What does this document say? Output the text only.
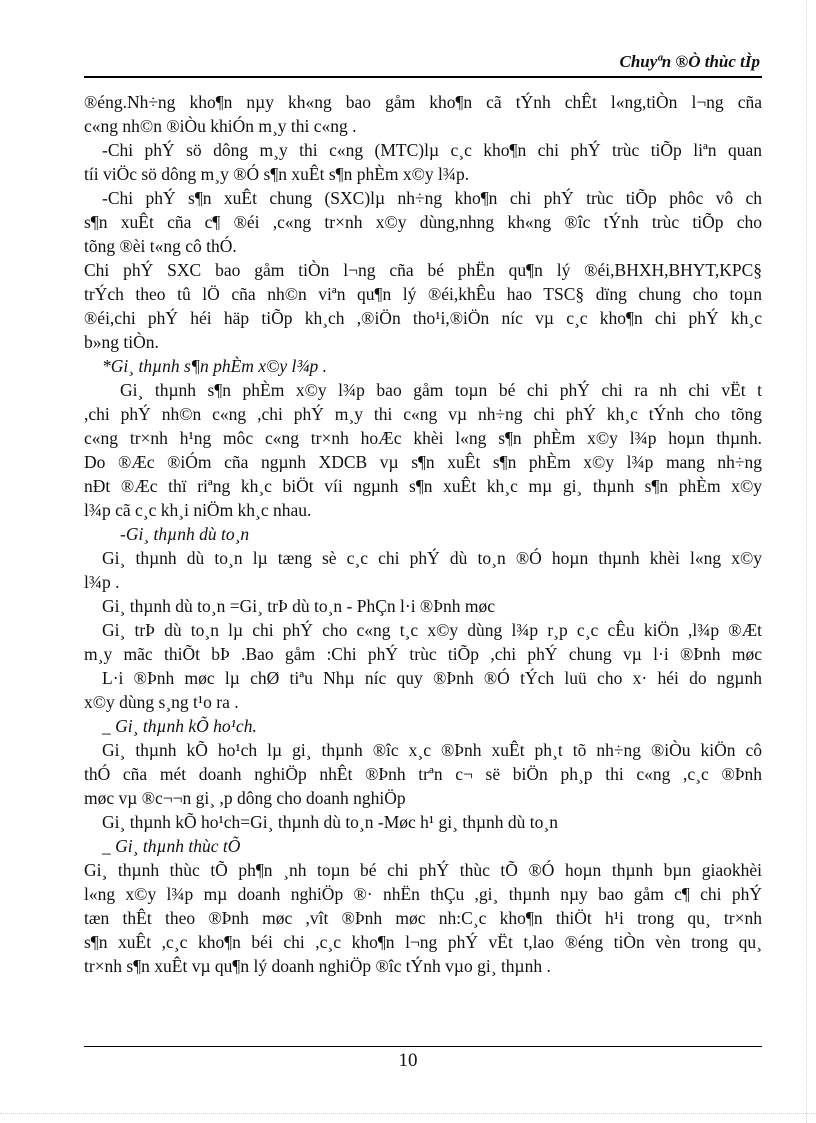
Chuyªn ®Ò thùc tÌp

®éng.Nh÷ng kho¶n nµy kh«ng bao gåm kho¶n cã tÝnh chÊt l«ng,tiÒn l¬ng cña

c«ng nh©n ®iÒu khiÓn m¸y thi c«ng .

-Chi phÝ sö dông m¸y thi c«ng (MTC)lµ c¸c kho¶n chi phÝ trùc tiÕp liªn quan

tíi viÖc sö dông m¸y ®Ó s¶n xuÊt s¶n phÈm x©y l¾p.

-Chi phÝ s¶n xuÊt chung (SXC)lµ nh÷ng kho¶n chi phÝ trùc tiÕp phôc vô ch

s¶n xuÊt cña c¶ ®éi ,c«ng tr×nh x©y dùng,nhng kh«ng ®îc tÝnh trùc tiÕp cho

tõng ®èi t«ng cô thÓ.

Chi phÝ SXC bao gåm tiÒn l¬ng cña bé phËn qu¶n lý ®éi,BHXH,BHYT,KPC§

trÝch theo tû lÖ cña nh©n viªn qu¶n lý ®éi,khÊu hao TSC§ dïng chung cho toµn

®éi,chi phÝ héi häp tiÕp kh¸ch ,®iÖn tho¹i,®iÖn níc vµ c¸c kho¶n chi phÝ kh¸c

b»ng tiÒn.

*Gi¸ thµnh s¶n phÈm x©y l¾p .

Gi¸ thµnh s¶n phÈm x©y l¾p bao gåm toµn bé chi phÝ chi ra nh chi vËt t

,chi phÝ nh©n c«ng ,chi phÝ m¸y thi c«ng vµ nh÷ng chi phÝ kh¸c tÝnh cho tõng

c«ng tr×nh h¹ng môc c«ng tr×nh hoÆc khèi l«ng s¶n phÈm x©y l¾p hoµn thµnh.

Do ®Æc ®iÓm cña ngµnh XDCB vµ s¶n xuÊt s¶n phÈm x©y l¾p mang nh÷ng

nÐt ®Æc thï riªng kh¸c biÖt víi ngµnh s¶n xuÊt kh¸c mµ gi¸ thµnh s¶n phÈm x©y

l¾p cã c¸c kh¸i niÖm kh¸c nhau.

-Gi¸ thµnh dù to¸n

Gi¸ thµnh dù to¸n lµ tæng sè c¸c chi phÝ dù to¸n ®Ó hoµn thµnh khèi l«ng x©y

l¾p .

Gi¸ thµnh dù to¸n =Gi¸ trÞ dù to¸n - PhÇn l·i ®Þnh møc

Gi¸ trÞ dù to¸n lµ chi phÝ cho c«ng t¸c x©y dùng l¾p r¸p c¸c cÊu kiÖn ,l¾p ®Æt

m¸y mãc thiÕt bÞ .Bao gåm :Chi phÝ trùc tiÕp ,chi phÝ chung vµ l·i ®Þnh møc

L·i ®Þnh møc lµ chØ tiªu Nhµ níc quy ®Þnh ®Ó tÝch luü cho x· héi do ngµnh

x©y dùng s¸ng t¹o ra .

_ Gi¸ thµnh kÕ ho¹ch.

Gi¸ thµnh kÕ ho¹ch lµ gi¸ thµnh ®îc x¸c ®Þnh xuÊt ph¸t tõ nh÷ng ®iÒu kiÖn cô

thÓ cña mét doanh nghiÖp nhÊt ®Þnh trªn c¬ së biÖn ph¸p thi c«ng ,c¸c ®Þnh

møc vµ ®c¬¬n gi¸ ,p dông cho doanh nghiÖp

Gi¸ thµnh kÕ ho¹ch=Gi¸ thµnh dù to¸n -Møc h¹ gi¸ thµnh dù to¸n

_ Gi¸ thµnh thùc tÕ

Gi¸ thµnh thùc tÕ ph¶n ¸nh toµn bé chi phÝ thùc tÕ ®Ó hoµn thµnh bµn giaokhèi

l«ng x©y l¾p mµ doanh nghiÖp ®· nhËn thÇu ,gi¸ thµnh nµy bao gåm c¶ chi phÝ

tæn thÊt theo ®Þnh møc ,vît ®Þnh møc nh:C¸c kho¶n thiÖt h¹i trong qu¸ tr×nh

s¶n xuÊt ,c¸c kho¶n béi chi ,c¸c kho¶n l¬ng phÝ vËt t,lao ®éng tiÒn vèn trong qu¸

tr×nh s¶n xuÊt vµ qu¶n lý doanh nghiÖp ®îc tÝnh vµo gi¸ thµnh .

10
